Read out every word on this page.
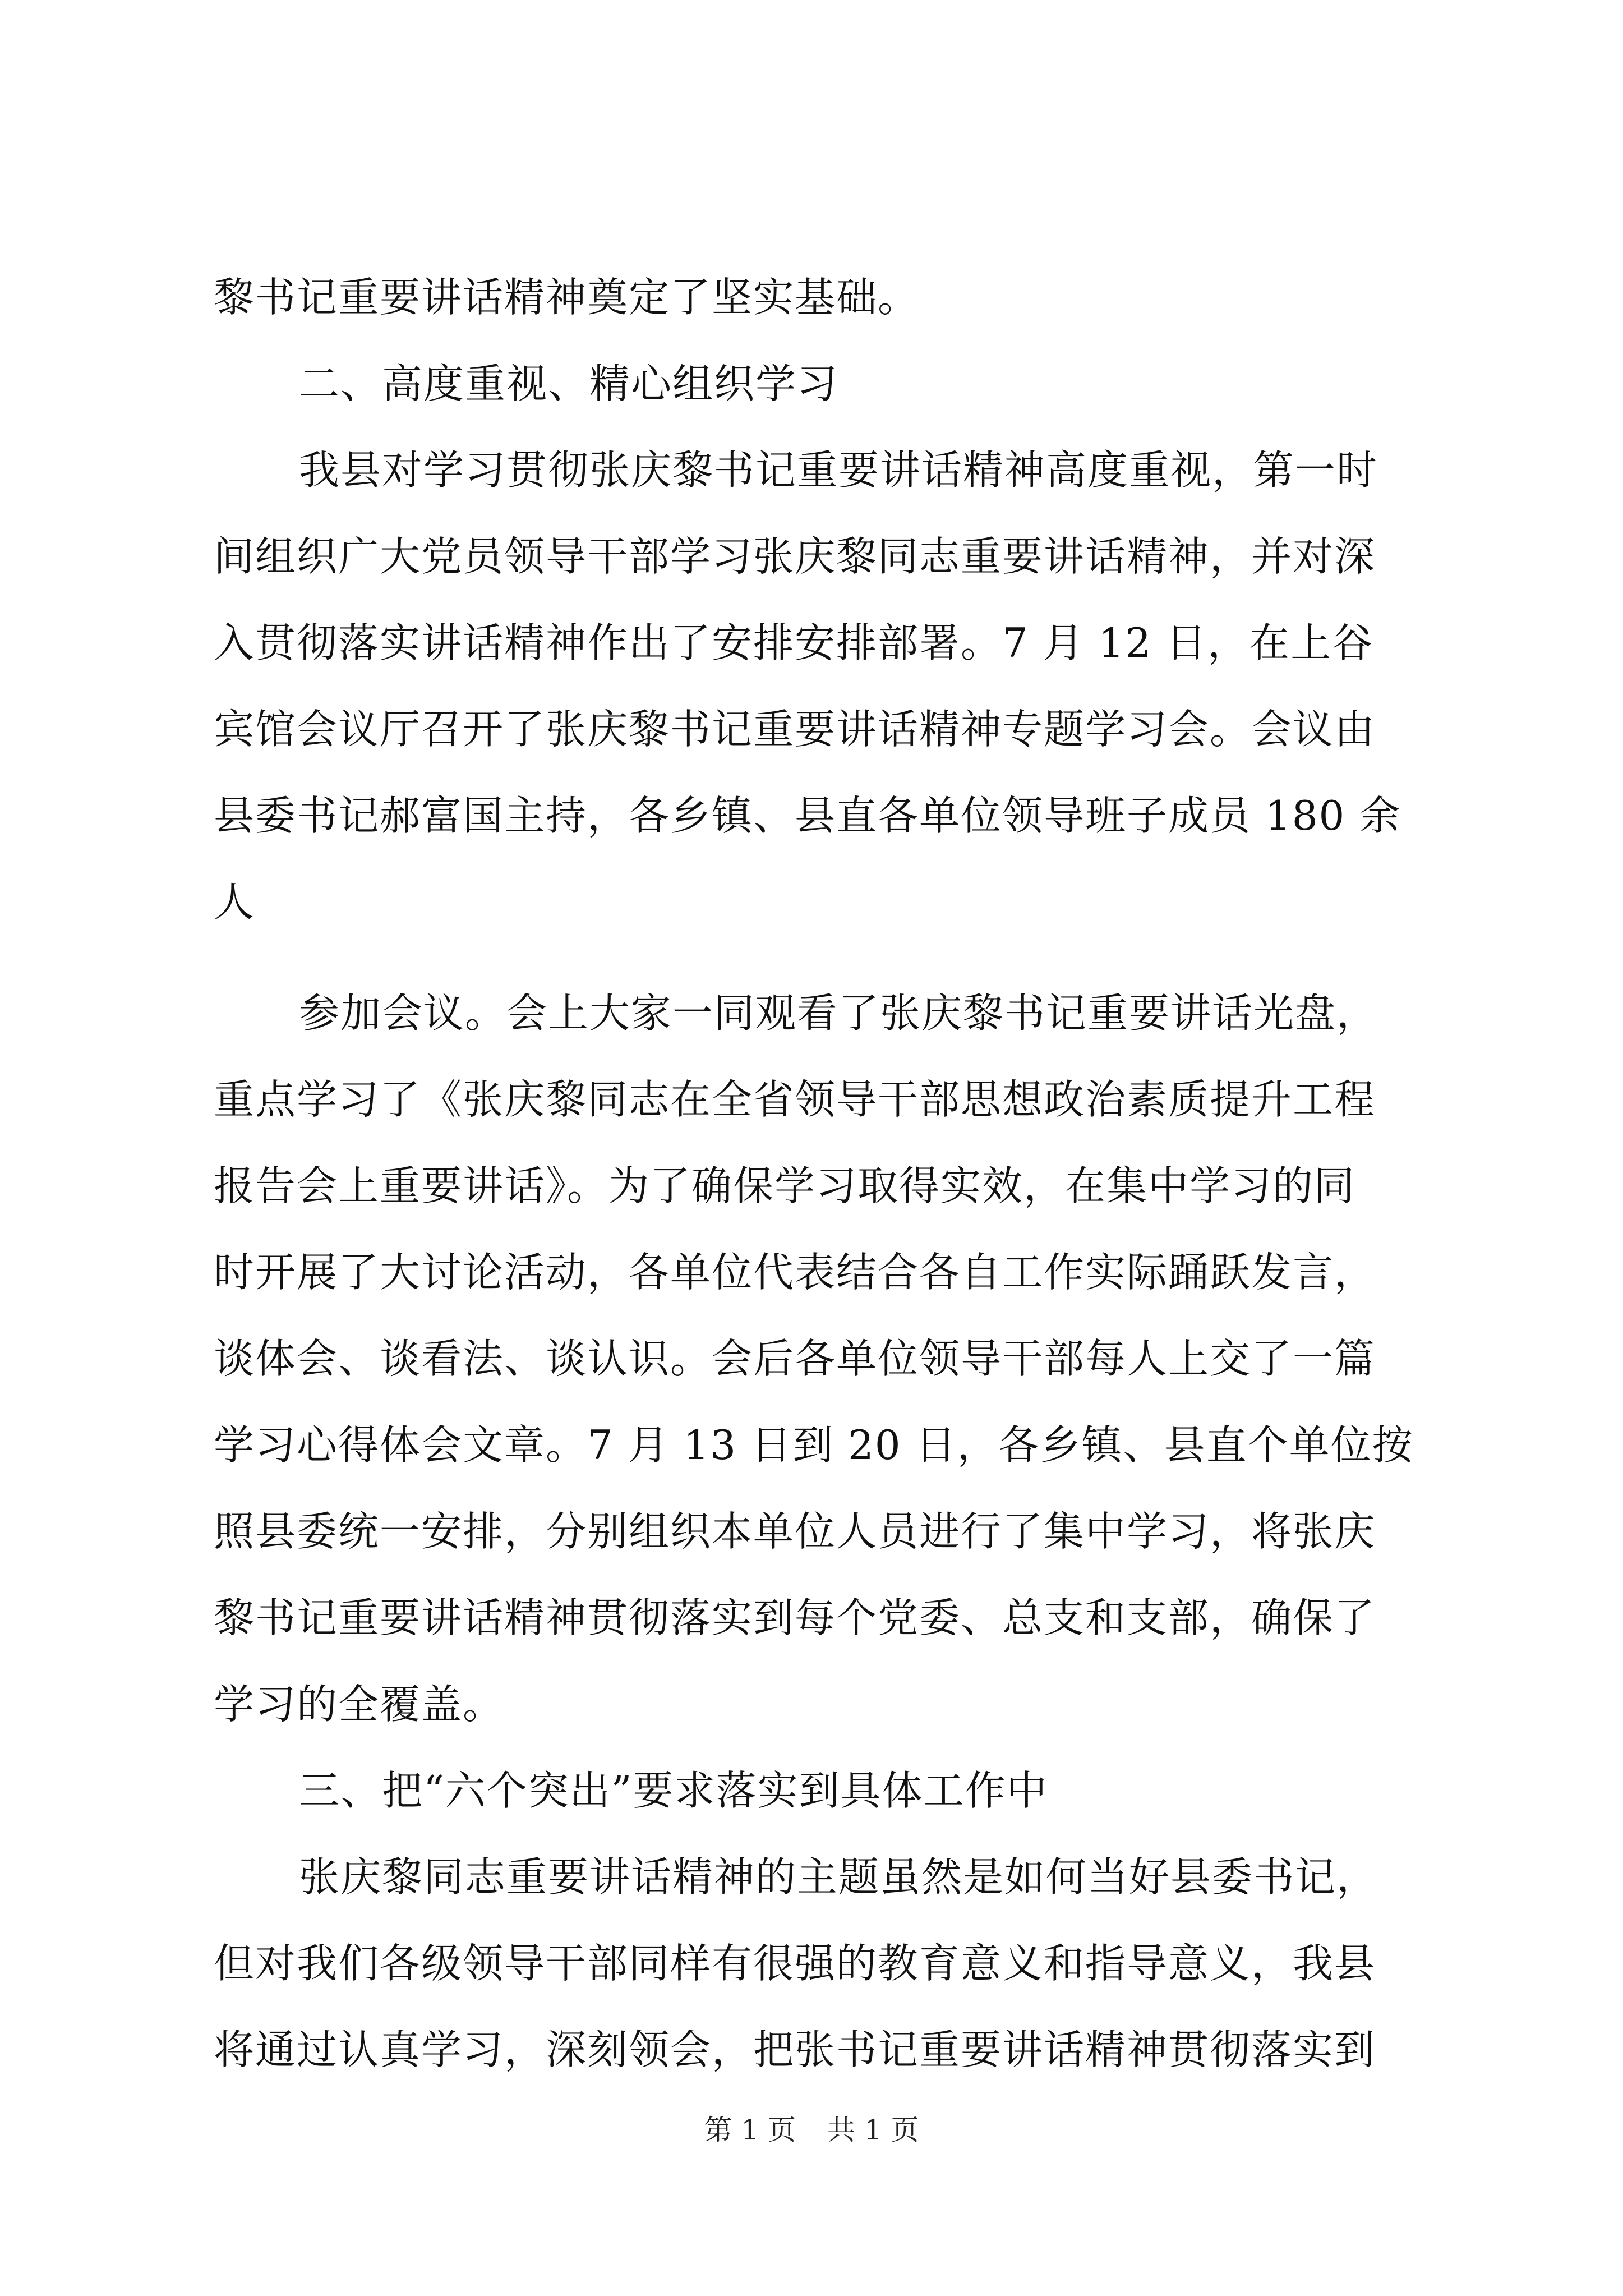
黎书记重要讲话精神奠定了坚实基础。
二、高度重视、精心组织学习
我县对学习贯彻张庆黎书记重要讲话精神高度重视，第一时
间组织广大党员领导干部学习张庆黎同志重要讲话精神，并对深
入贯彻落实讲话精神作出了安排安排部署。7 月 12 日，在上谷
宾馆会议厅召开了张庆黎书记重要讲话精神专题学习会。会议由
县委书记郝富国主持，各乡镇、县直各单位领导班子成员 180 余
人
参加会议。会上大家一同观看了张庆黎书记重要讲话光盘，
重点学习了《张庆黎同志在全省领导干部思想政治素质提升工程
报告会上重要讲话》。为了确保学习取得实效，在集中学习的同
时开展了大讨论活动，各单位代表结合各自工作实际踊跃发言，
谈体会、谈看法、谈认识。会后各单位领导干部每人上交了一篇
学习心得体会文章。7 月 13 日到 20 日，各乡镇、县直个单位按
照县委统一安排，分别组织本单位人员进行了集中学习，将张庆
黎书记重要讲话精神贯彻落实到每个党委、总支和支部，确保了
学习的全覆盖。
三、把“六个突出”要求落实到具体工作中
张庆黎同志重要讲话精神的主题虽然是如何当好县委书记，
但对我们各级领导干部同样有很强的教育意义和指导意义，我县
将通过认真学习，深刻领会，把张书记重要讲话精神贯彻落实到
第 1 页 共 1 页
